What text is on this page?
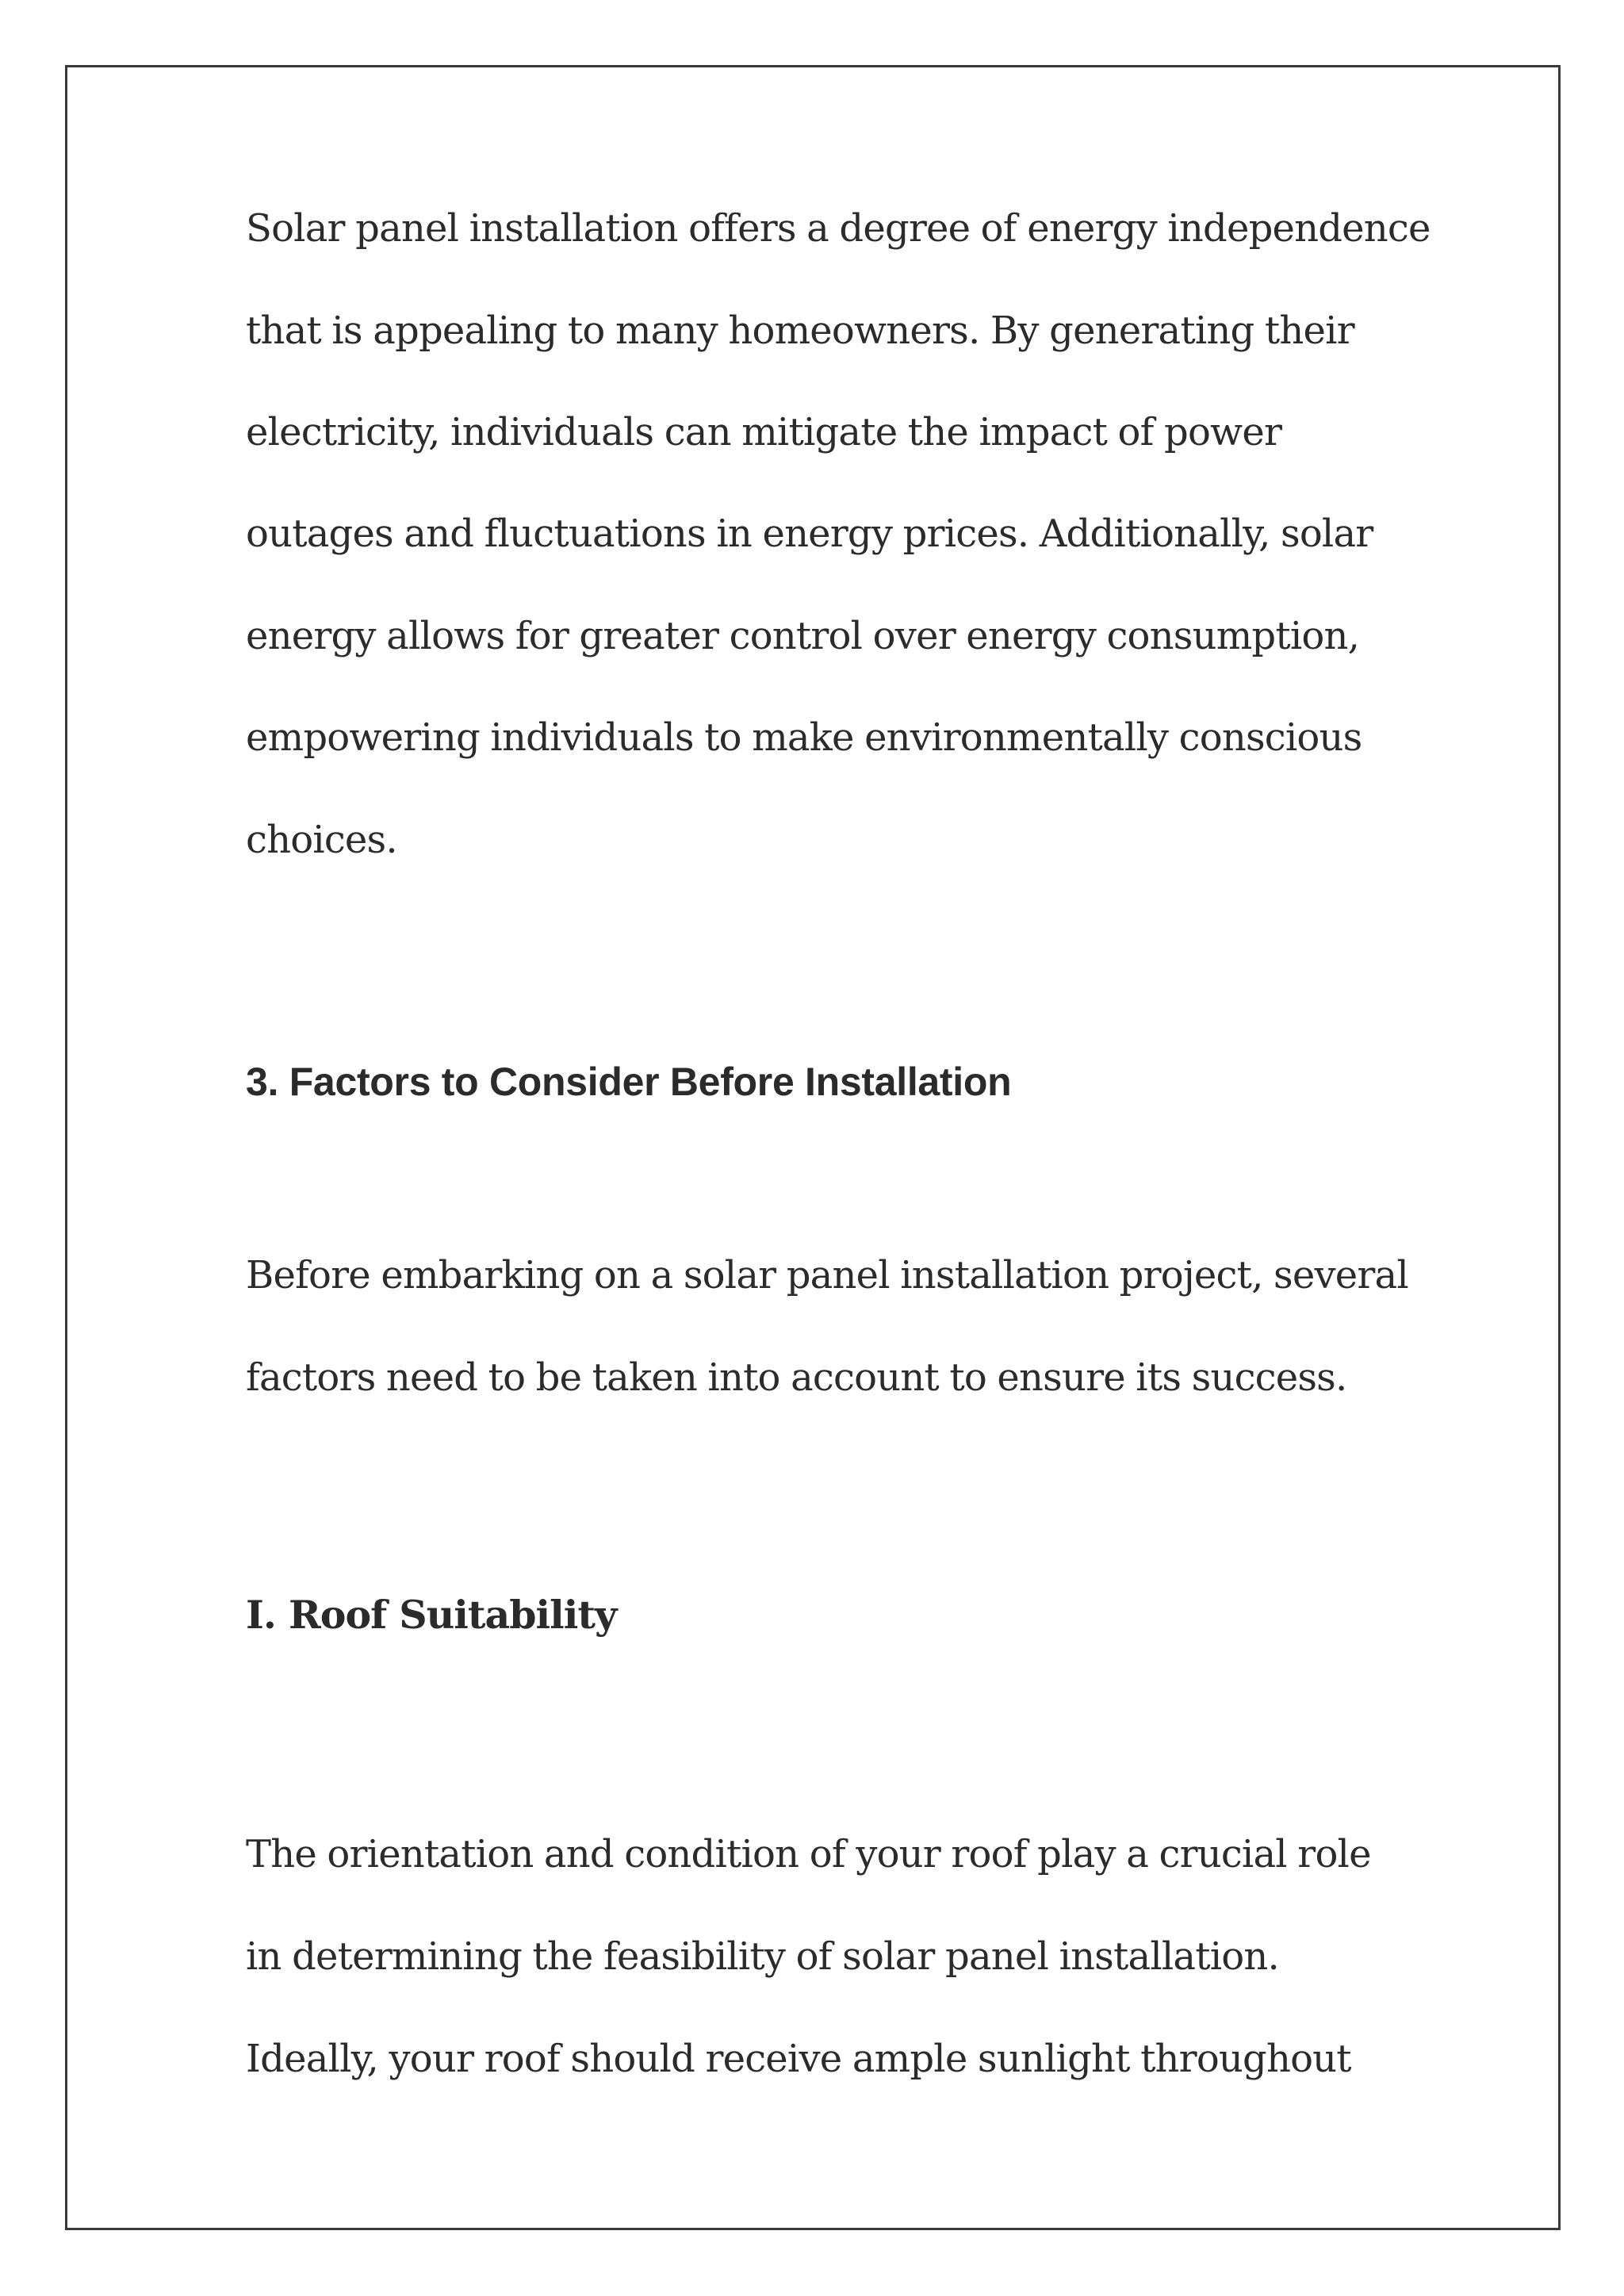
Solar panel installation offers a degree of energy independence
that is appealing to many homeowners. By generating their
electricity, individuals can mitigate the impact of power
outages and fluctuations in energy prices. Additionally, solar
energy allows for greater control over energy consumption,
empowering individuals to make environmentally conscious
choices.
3. Factors to Consider Before Installation
Before embarking on a solar panel installation project, several
factors need to be taken into account to ensure its success.
I. Roof Suitability
The orientation and condition of your roof play a crucial role
in determining the feasibility of solar panel installation.
Ideally, your roof should receive ample sunlight throughout
